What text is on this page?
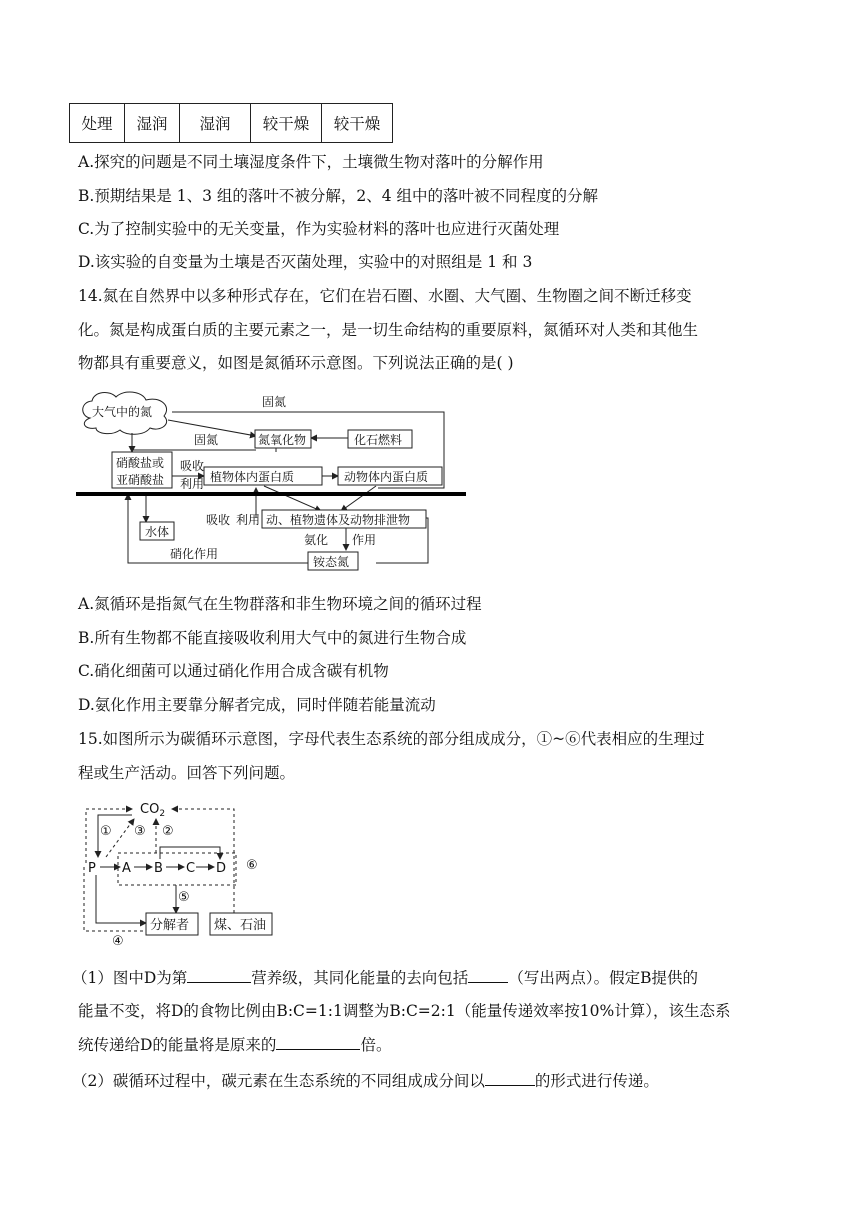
处理	湿润	湿润	较干燥	较干燥
A.探究的问题是不同土壤湿度条件下，土壤微生物对落叶的分解作用
B.预期结果是 1、3 组的落叶不被分解，2、4 组中的落叶被不同程度的分解
C.为了控制实验中的无关变量，作为实验材料的落叶也应进行灭菌处理
D.该实验的自变量为土壤是否灭菌处理，实验中的对照组是 1 和 3
14.氮在自然界中以多种形式存在，它们在岩石圈、水圈、大气圈、生物圈之间不断迁移变
化。氮是构成蛋白质的主要元素之一，是一切生命结构的重要原料，氮循环对人类和其他生
物都具有重要意义，如图是氮循环示意图。下列说法正确的是( )
大气中的氮
固氮
固氮	氮氧化物	化石燃料
硝酸盐或
亚硝酸盐
吸收
利用 植物体内蛋白质	动物体内蛋白质
水体
吸收 利用 动、植物遗体及动物排泄物
氨化 作用
硝化作用
铵态氮
A.氮循环是指氮气在生物群落和非生物环境之间的循环过程
B.所有生物都不能直接吸收利用大气中的氮进行生物合成
C.硝化细菌可以通过硝化作用合成含碳有机物
D.氨化作用主要靠分解者完成，同时伴随若能量流动
15.如图所示为碳循环示意图，字母代表生态系统的部分组成成分，①~⑥代表相应的生理过
程或生产活动。回答下列问题。
$CO_2$
P A B C D
①	②
③
④
⑤
⑥
分解者 煤、石油
（1）图中D为第	营养级，其同化能量的去向包括	（写出两点）。假定B提供的
能量不变，将D的食物比例由B:C=1:1调整为B:C=2:1（能量传递效率按10%计算），该生态系
统传递给D的能量将是原来的	倍。
（2）碳循环过程中，碳元素在生态系统的不同组成成分间以	的形式进行传递。
